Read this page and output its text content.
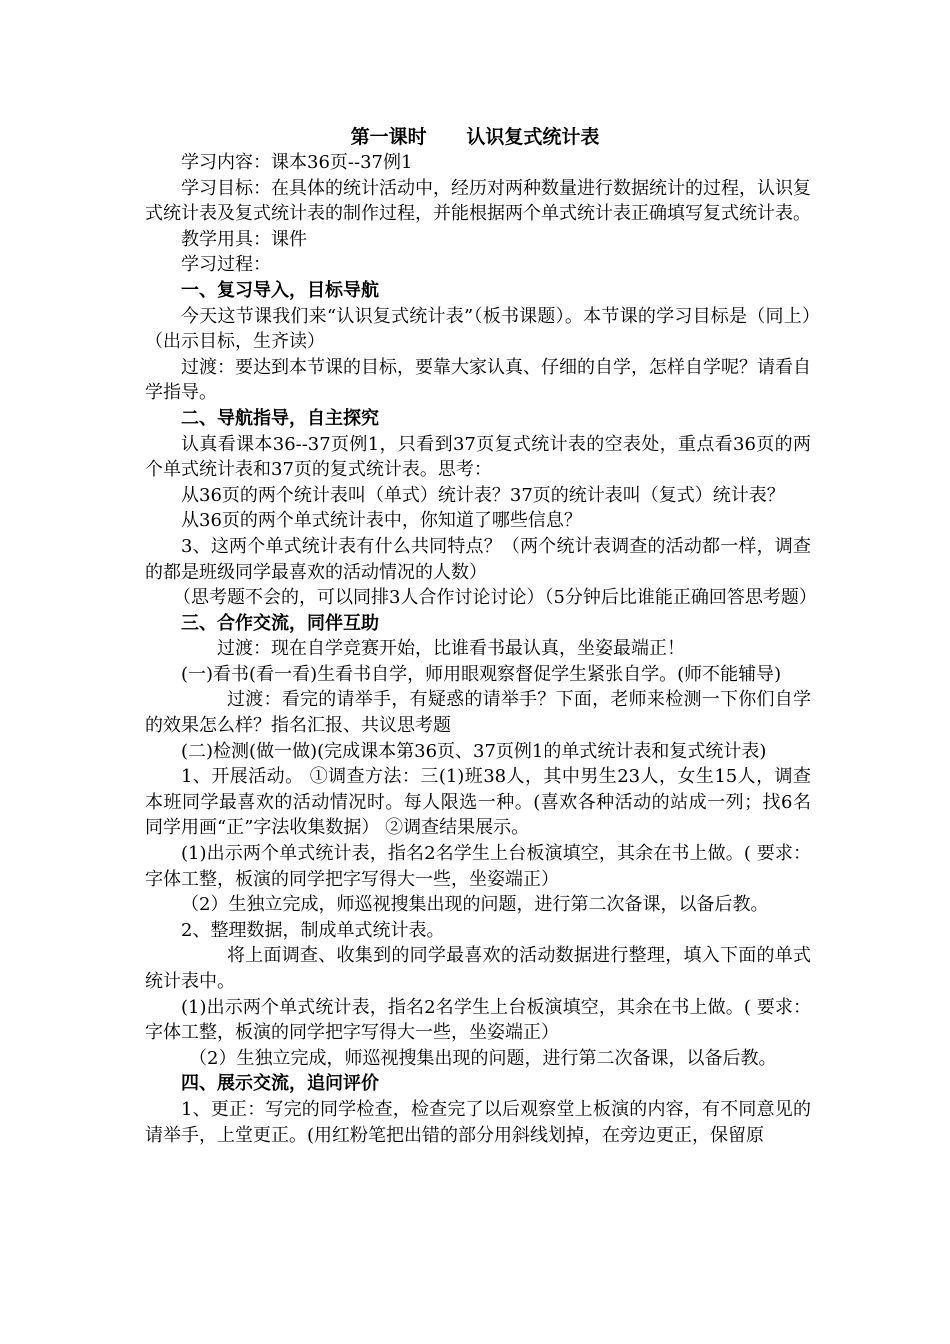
第一课时      认识复式统计表

学习内容：课本36页--37例1

学习目标：在具体的统计活动中，经历对两种数量进行数据统计的过程，认识复式统计表及复式统计表的制作过程，并能根据两个单式统计表正确填写复式统计表。

教学用具：课件

学习过程：

一、复习导入，目标导航

今天这节课我们来“认识复式统计表”（板书课题）。本节课的学习目标是（同上）（出示目标，生齐读）

过渡：要达到本节课的目标，要靠大家认真、仔细的自学，怎样自学呢？请看自学指导。

二、导航指导，自主探究

认真看课本36--37页例1，只看到37页复式统计表的空表处，重点看36页的两个单式统计表和37页的复式统计表。思考：

从36页的两个统计表叫（单式）统计表？37页的统计表叫（复式）统计表？

从36页的两个单式统计表中，你知道了哪些信息？

3、这两个单式统计表有什么共同特点？（两个统计表调查的活动都一样，调查的都是班级同学最喜欢的活动情况的人数）

（思考题不会的，可以同排3人合作讨论讨论）（5分钟后比谁能正确回答思考题）

三、合作交流，同伴互助

过渡：现在自学竞赛开始，比谁看书最认真，坐姿最端正！

(一)看书(看一看)生看书自学，师用眼观察督促学生紧张自学。(师不能辅导)

过渡：看完的请举手，有疑惑的请举手？下面，老师来检测一下你们自学的效果怎么样？指名汇报、共议思考题

(二)检测(做一做)(完成课本第36页、37页例1的单式统计表和复式统计表)

1、开展活动。 ①调查方法：三(1)班38人，其中男生23人，女生15人，调查本班同学最喜欢的活动情况时。每人限选一种。(喜欢各种活动的站成一列；找6名同学用画“正”字法收集数据） ②调查结果展示。

(1)出示两个单式统计表，指名2名学生上台板演填空，其余在书上做。( 要求：字体工整，板演的同学把字写得大一些，坐姿端正）

（2）生独立完成，师巡视搜集出现的问题，进行第二次备课，以备后教。

2、整理数据，制成单式统计表。

将上面调查、收集到的同学最喜欢的活动数据进行整理，填入下面的单式统计表中。

(1)出示两个单式统计表，指名2名学生上台板演填空，其余在书上做。( 要求：字体工整，板演的同学把字写得大一些，坐姿端正）

（2）生独立完成，师巡视搜集出现的问题，进行第二次备课，以备后教。

四、展示交流，追问评价

1、更正：写完的同学检查，检查完了以后观察堂上板演的内容，有不同意见的请举手，上堂更正。(用红粉笔把出错的部分用斜线划掉，在旁边更正，保留原
